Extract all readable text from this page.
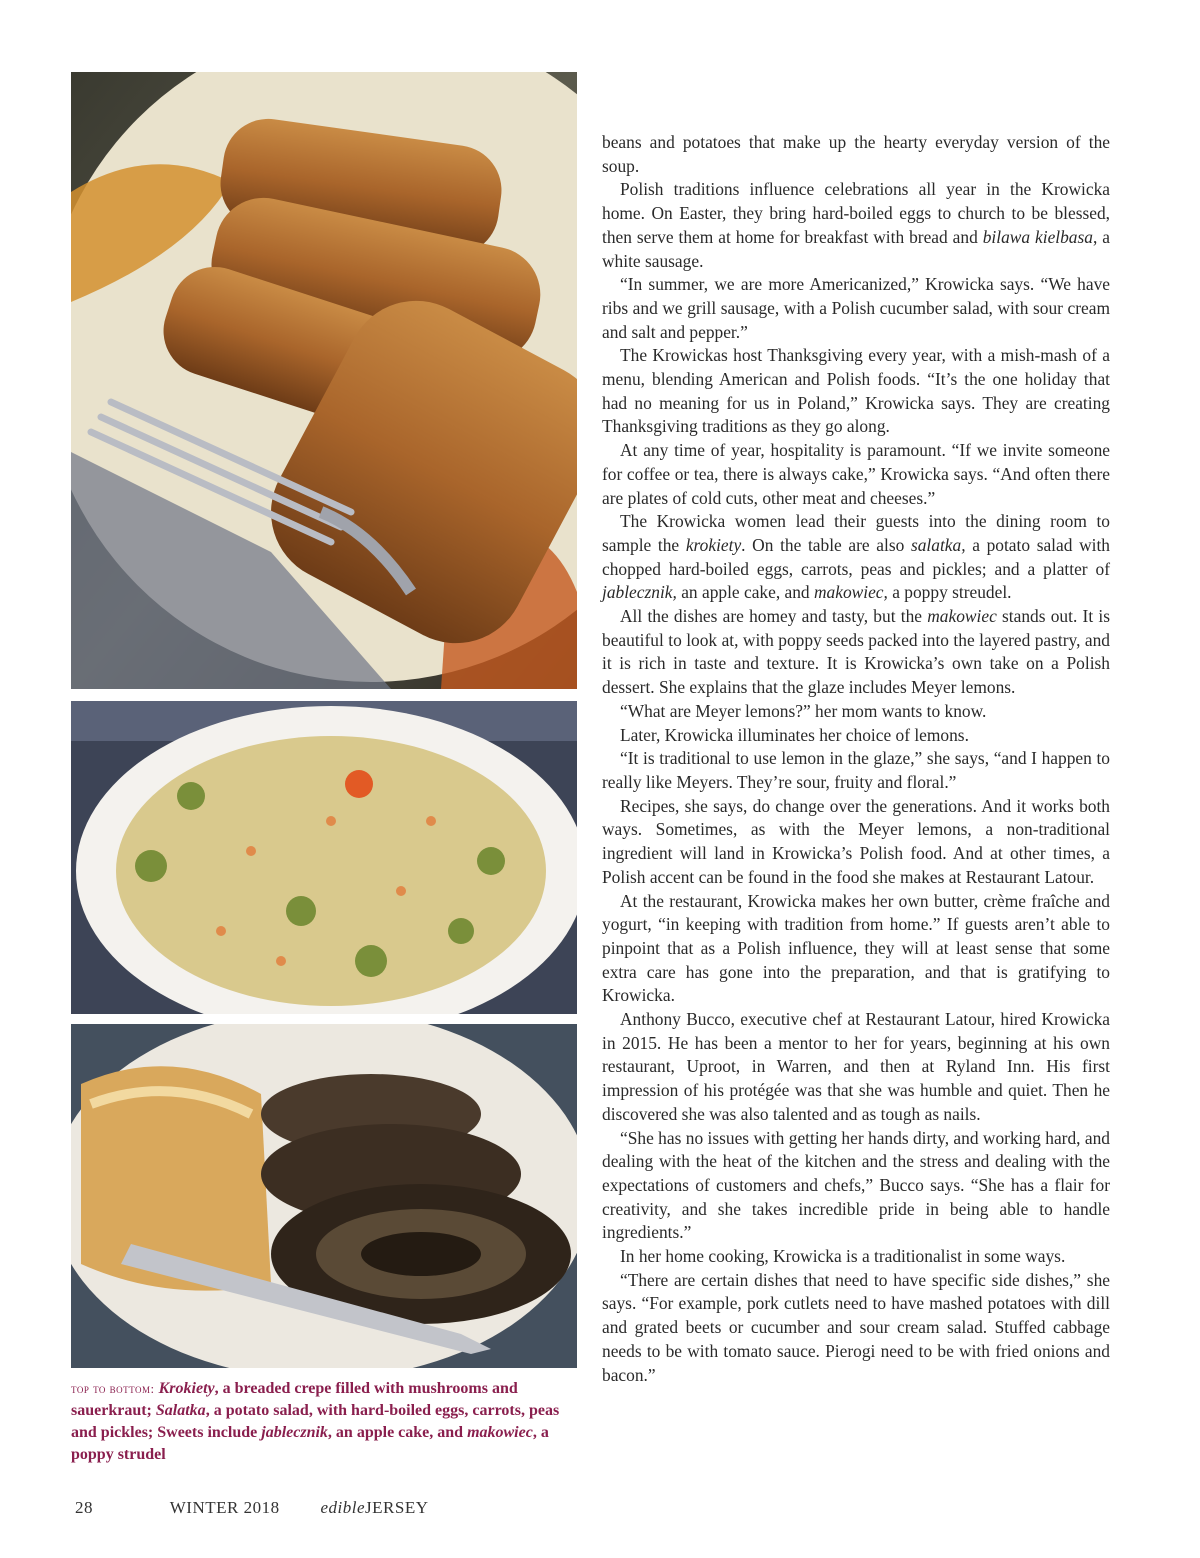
top to bottom: Krokiety, a breaded crepe filled with mushrooms and sauerkraut; Salatka, a potato salad, with hard-boiled eggs, carrots, peas and pickles; Sweets include jablecznik, an apple cake, and makowiec, a poppy strudel

beans and potatoes that make up the hearty everyday version of the soup.

Polish traditions influence celebrations all year in the Krowicka home. On Easter, they bring hard-boiled eggs to church to be blessed, then serve them at home for breakfast with bread and bilawa kielbasa, a white sausage.

“In summer, we are more Americanized,” Krowicka says. “We have ribs and we grill sausage, with a Polish cucumber salad, with sour cream and salt and pepper.”

The Krowickas host Thanksgiving every year, with a mish-mash of a menu, blending American and Polish foods. “It’s the one holiday that had no meaning for us in Poland,” Krowicka says. They are creating Thanksgiving traditions as they go along.

At any time of year, hospitality is paramount. “If we invite someone for coffee or tea, there is always cake,” Krowicka says. “And often there are plates of cold cuts, other meat and cheeses.”

The Krowicka women lead their guests into the dining room to sample the krokiety. On the table are also salatka, a potato salad with chopped hard-boiled eggs, carrots, peas and pickles; and a platter of jablecznik, an apple cake, and makowiec, a poppy streudel.

All the dishes are homey and tasty, but the makowiec stands out. It is beautiful to look at, with poppy seeds packed into the layered pastry, and it is rich in taste and texture. It is Krowicka’s own take on a Polish dessert. She explains that the glaze includes Meyer lemons.

“What are Meyer lemons?” her mom wants to know.

Later, Krowicka illuminates her choice of lemons.

“It is traditional to use lemon in the glaze,” she says, “and I happen to really like Meyers. They’re sour, fruity and floral.”

Recipes, she says, do change over the generations. And it works both ways. Sometimes, as with the Meyer lemons, a non-traditional ingredient will land in Krowicka’s Polish food. And at other times, a Polish accent can be found in the food she makes at Restaurant Latour.

At the restaurant, Krowicka makes her own butter, crème fraîche and yogurt, “in keeping with tradition from home.” If guests aren’t able to pinpoint that as a Polish influence, they will at least sense that some extra care has gone into the preparation, and that is gratifying to Krowicka.

Anthony Bucco, executive chef at Restaurant Latour, hired Krowicka in 2015. He has been a mentor to her for years, beginning at his own restaurant, Uproot, in Warren, and then at Ryland Inn. His first impression of his protégée was that she was humble and quiet. Then he discovered she was also talented and as tough as nails.

“She has no issues with getting her hands dirty, and working hard, and dealing with the heat of the kitchen and the stress and dealing with the expectations of customers and chefs,” Bucco says. “She has a flair for creativity, and she takes incredible pride in being able to handle ingredients.”

In her home cooking, Krowicka is a traditionalist in some ways.

“There are certain dishes that need to have specific side dishes,” she says. “For example, pork cutlets need to have mashed potatoes with dill and grated beets or cucumber and sour cream salad. Stuffed cabbage needs to be with tomato sauce. Pierogi need to be with fried onions and bacon.”

28	WINTER 2018 edibleJERSEY
